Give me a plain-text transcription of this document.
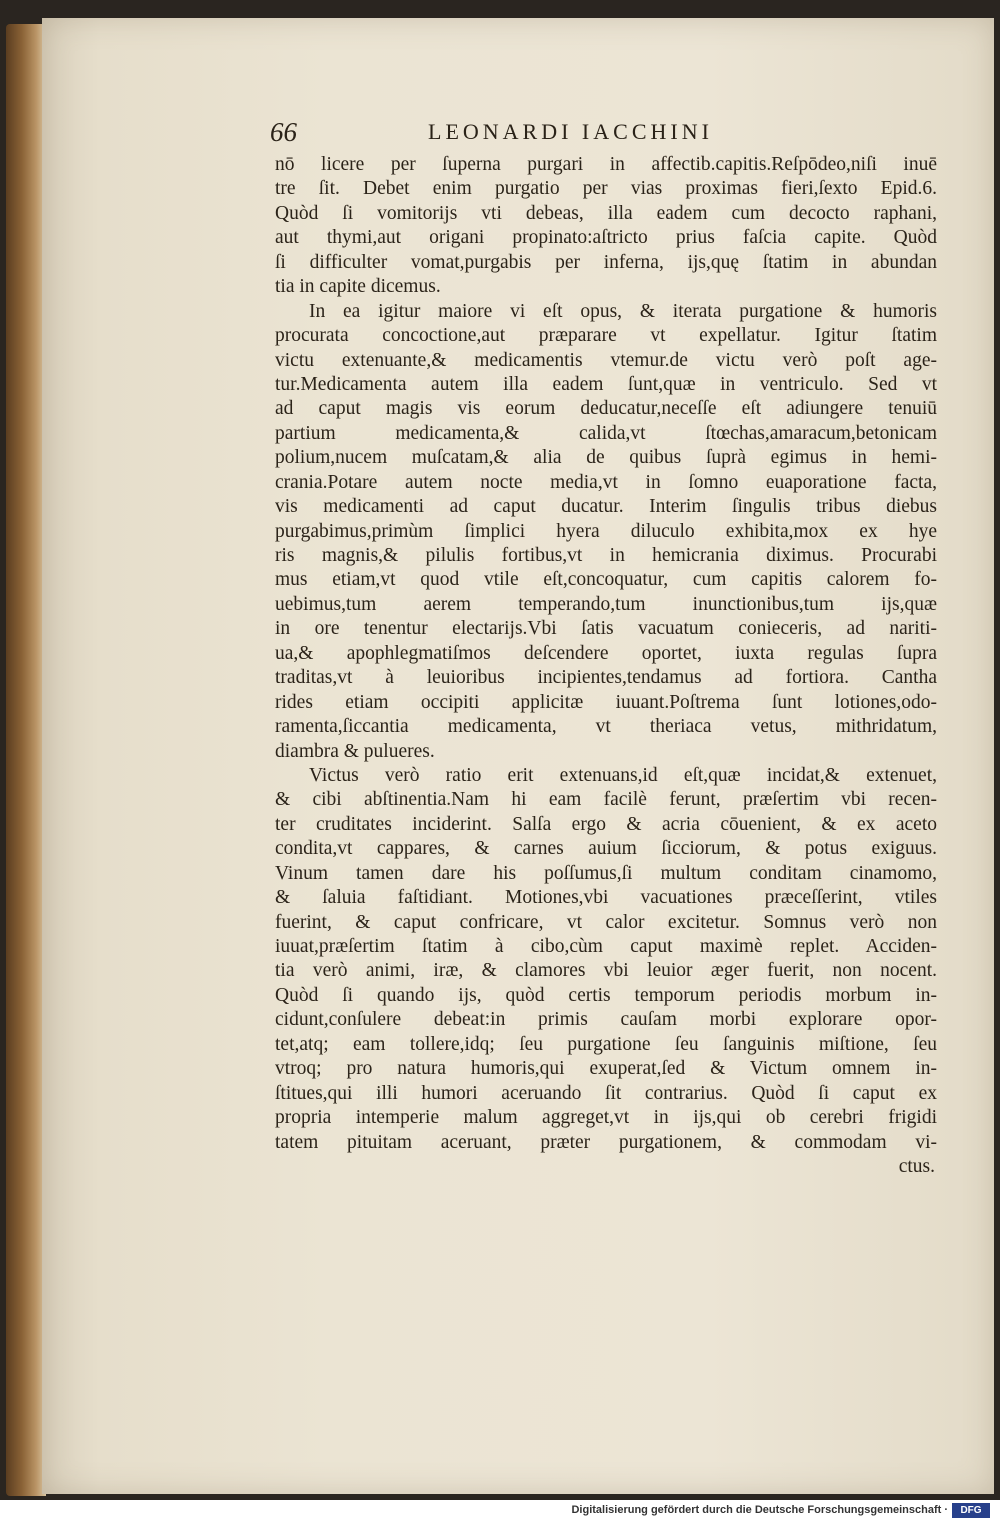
66	LEONARDI IACCHINI
nō licere per ſuperna purgari in affectib.capitis.Reſpōdeo,niſi inuē
tre ſit. Debet enim purgatio per vias proximas fieri,ſexto Epid.6.
Quòd ſi vomitorijs vti debeas, illa eadem cum decocto raphani,
aut thymi,aut origani propinato:aſtricto prius faſcia capite. Quòd
ſi difficulter vomat,purgabis per inferna, ijs,quę ſtatim in abundan
tia in capite dicemus.
In ea igitur maiore vi eſt opus, & iterata purgatione & humoris
procurata concoctione,aut præparare vt expellatur. Igitur ſtatim
victu extenuante,& medicamentis vtemur.de victu verò poſt age-
tur.Medicamenta autem illa eadem ſunt,quæ in ventriculo. Sed vt
ad caput magis vis eorum deducatur,neceſſe eſt adiungere tenuiū
partium medicamenta,& calida,vt ſtœchas,amaracum,betonicam
polium,nucem muſcatam,& alia de quibus ſuprà egimus in hemi-
crania.Potare autem nocte media,vt in ſomno euaporatione facta,
vis medicamenti ad caput ducatur. Interim ſingulis tribus diebus
purgabimus,primùm ſimplici hyera diluculo exhibita,mox ex hye
ris magnis,& pilulis fortibus,vt in hemicrania diximus. Procurabi
mus etiam,vt quod vtile eſt,concoquatur, cum capitis calorem fo-
uebimus,tum aerem temperando,tum inunctionibus,tum ijs,quæ
in ore tenentur electarijs.Vbi ſatis vacuatum conieceris, ad nariti-
ua,& apophlegmatiſmos deſcendere oportet, iuxta regulas ſupra
traditas,vt à leuioribus incipientes,tendamus ad fortiora. Cantha
rides etiam occipiti applicitæ iuuant.Poſtrema ſunt lotiones,odo-
ramenta,ſiccantia medicamenta, vt theriaca vetus, mithridatum,
diambra & pulueres.
Victus verò ratio erit extenuans,id eſt,quæ incidat,& extenuet,
& cibi abſtinentia.Nam hi eam facilè ferunt, præſertim vbi recen-
ter cruditates inciderint. Salſa ergo & acria cōuenient, & ex aceto
condita,vt cappares, & carnes auium ſicciorum, & potus exiguus.
Vinum tamen dare his poſſumus,ſi multum conditam cinamomo,
& ſaluia faſtidiant. Motiones,vbi vacuationes præceſſerint, vtiles
fuerint, & caput confricare, vt calor excitetur. Somnus verò non
iuuat,præſertim ſtatim à cibo,cùm caput maximè replet. Acciden-
tia verò animi, iræ, & clamores vbi leuior æger fuerit, non nocent.
Quòd ſi quando ijs, quòd certis temporum periodis morbum in-
cidunt,conſulere debeat:in primis cauſam morbi explorare opor-
tet,atq; eam tollere,idq; ſeu purgatione ſeu ſanguinis miſtione, ſeu
vtroq; pro natura humoris,qui exuperat,ſed & Victum omnem in-
ſtitues,qui illi humori aceruando ſit contrarius. Quòd ſi caput ex
propria intemperie malum aggreget,vt in ijs,qui ob cerebri frigidi
tatem pituitam aceruant, præter purgationem, & commodam vi-
ctus.
Digitalisierung gefördert durch die Deutsche Forschungsgemeinschaft ·	DFG
